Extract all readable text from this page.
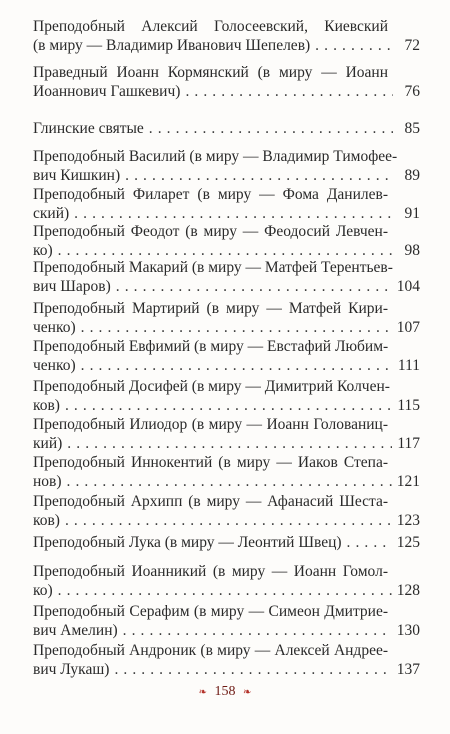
Преподобный Алексий Голосеевский, Киевский
(в миру — Владимир Иванович Шепелев) . . .	72
Праведный Иоанн Кормянский (в миру — Иоанн
Иоаннович Гашкевич) . . .	76
Глинские святые . . .	85
Преподобный Василий (в миру — Владимир Тимофее-
вич Кишкин) . . .	89
Преподобный Филарет (в миру — Фома Данилев-
ский) . . .	91
Преподобный Феодот (в миру — Феодосий Левчен-
ко) . . .	98
Преподобный Макарий (в миру — Матфей Терентьев-
вич Шаров) . . .	104
Преподобный Мартирий (в миру — Матфей Кири-
ченко) . . .	107
Преподобный Евфимий (в миру — Евстафий Любим-
ченко) . . .	111
Преподобный Досифей (в миру — Димитрий Колчен-
ков) . . .	115
Преподобный Илиодор (в миру — Иоанн Голованиц-
кий) . . .	117
Преподобный Иннокентий (в миру — Иаков Степа-
нов) . . .	121
Преподобный Архипп (в миру — Афанасий Шеста-
ков) . . .	123
Преподобный Лука (в миру — Леонтий Швец) . . .	125
Преподобный Иоанникий (в миру — Иоанн Гомол-
ко) . . .	128
Преподобный Серафим (в миру — Симеон Дмитрие-
вич Амелин) . . .	130
Преподобный Андроник (в миру — Алексей Андрее-
вич Лукаш) . . .	137
❧ 158 ❧
